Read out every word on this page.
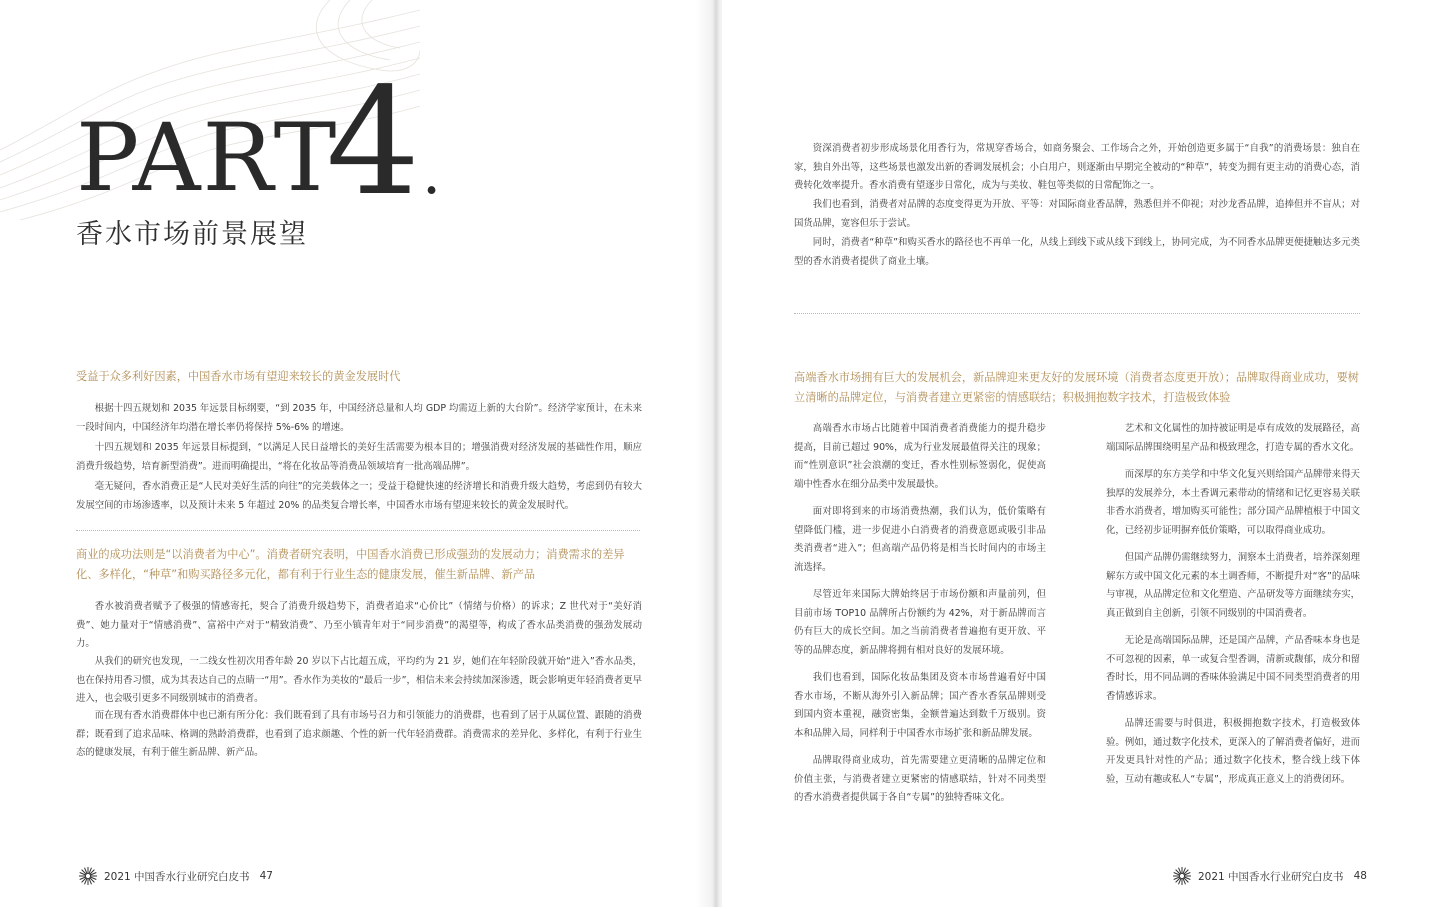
PART
4 .
香水市场前景展望
受益于众多利好因素，中国香水市场有望迎来较长的黄金发展时代

根据十四五规划和 2035 年远景目标纲要，“到 2035 年，中国经济总量和人均 GDP 均需迈上新的大台阶”。经济学家预计，在未来一段时间内，中国经济年均潜在增长率仍将保持 5%-6% 的增速。

十四五规划和 2035 年远景目标提到，“以满足人民日益增长的美好生活需要为根本目的；增强消费对经济发展的基础性作用，顺应消费升级趋势，培育新型消费”。进而明确提出，“将在化妆品等消费品领域培育一批高端品牌”。

毫无疑问，香水消费正是“人民对美好生活的向往”的完美载体之一；受益于稳健快速的经济增长和消费升级大趋势，考虑到仍有较大发展空间的市场渗透率，以及预计未来 5 年超过 20% 的品类复合增长率，中国香水市场有望迎来较长的黄金发展时代。

商业的成功法则是“以消费者为中心”。消费者研究表明，中国香水消费已形成强劲的发展动力；消费需求的差异化、多样化，“种草”和购买路径多元化，都有利于行业生态的健康发展，催生新品牌、新产品

香水被消费者赋予了极强的情感寄托，契合了消费升级趋势下，消费者追求“心价比”（情绪与价格）的诉求；Z 世代对于“美好消费”、她力量对于“情感消费”、富裕中产对于“精致消费”、乃至小镇青年对于“同步消费”的渴望等，构成了香水品类消费的强劲发展动力。

从我们的研究也发现，一二线女性初次用香年龄 20 岁以下占比超五成，平均约为 21 岁，她们在年轻阶段就开始“进入”香水品类，也在保持用香习惯，成为其表达自己的点睛一“用”。香水作为美妆的“最后一步”，相信未来会持续加深渗透，既会影响更年轻消费者更早进入，也会吸引更多不同级别城市的消费者。

而在现有香水消费群体中也已渐有所分化：我们既看到了具有市场号召力和引领能力的消费群，也看到了居于从属位置、跟随的消费群；既看到了追求品味、格调的熟龄消费群，也看到了追求颜趣、个性的新一代年轻消费群。消费需求的差异化、多样化，有利于行业生态的健康发展，有利于催生新品牌、新产品。

2021 中国香水行业研究白皮书 47

资深消费者初步形成场景化用香行为，常规穿香场合，如商务聚会、工作场合之外，开始创造更多属于“自我”的消费场景：独自在家，独自外出等，这些场景也激发出新的香调发展机会；小白用户，则逐渐由早期完全被动的“种草”，转变为拥有更主动的消费心态，消费转化效率提升。香水消费有望逐步日常化，成为与美妆、鞋包等类似的日常配饰之一。

我们也看到，消费者对品牌的态度变得更为开放、平等：对国际商业香品牌，熟悉但并不仰视；对沙龙香品牌，追捧但并不盲从；对国货品牌，宽容但乐于尝试。

同时，消费者“种草”和购买香水的路径也不再单一化，从线上到线下或从线下到线上，协同完成，为不同香水品牌更便捷触达多元类型的香水消费者提供了商业土壤。

高端香水市场拥有巨大的发展机会，新品牌迎来更友好的发展环境（消费者态度更开放）；品牌取得商业成功，要树立清晰的品牌定位，与消费者建立更紧密的情感联结；积极拥抱数字技术，打造极致体验

高端香水市场占比随着中国消费者消费能力的提升稳步提高，目前已超过 90%，成为行业发展最值得关注的现象；而“性别意识”社会浪潮的变迁，香水性别标签弱化，促使高端中性香水在细分品类中发展最快。

面对即将到来的市场消费热潮，我们认为，低价策略有望降低门槛，进一步促进小白消费者的消费意愿或吸引非品类消费者“进入”；但高端产品仍将是相当长时间内的市场主流选择。

尽管近年来国际大牌始终居于市场份额和声量前列，但目前市场 TOP10 品牌所占份额约为 42%，对于新品牌而言仍有巨大的成长空间。加之当前消费者普遍抱有更开放、平等的品牌态度，新品牌将拥有相对良好的发展环境。

我们也看到，国际化妆品集团及资本市场普遍看好中国香水市场，不断从海外引入新品牌；国产香水香氛品牌则受到国内资本重视，融资密集，金额普遍达到数千万级别。资本和品牌入局，同样利于中国香水市场扩张和新品牌发展。

品牌取得商业成功，首先需要建立更清晰的品牌定位和价值主张，与消费者建立更紧密的情感联结，针对不同类型的香水消费者提供属于各自“专属”的独特香味文化。

艺术和文化属性的加持被证明是卓有成效的发展路径，高端国际品牌围绕明星产品和极致理念，打造专属的香水文化。

而深厚的东方美学和中华文化复兴则给国产品牌带来得天独厚的发展养分，本土香调元素带动的情绪和记忆更容易关联非香水消费者，增加购买可能性；部分国产品牌植根于中国文化，已经初步证明摒弃低价策略，可以取得商业成功。

但国产品牌仍需继续努力，洞察本土消费者，培养深刻理解东方或中国文化元素的本土调香师，不断提升对“客”的品味与审视，从品牌定位和文化塑造、产品研发等方面继续夯实，真正做到自主创新，引领不同级别的中国消费者。

无论是高端国际品牌，还是国产品牌，产品香味本身也是不可忽视的因素，单一或复合型香调，清新或馥郁，成分和留香时长，用不同品调的香味体验满足中国不同类型消费者的用香情感诉求。

品牌还需要与时俱进，积极拥抱数字技术，打造极致体验。例如，通过数字化技术，更深入的了解消费者偏好，进而开发更具针对性的产品；通过数字化技术，整合线上线下体验，互动有趣或私人“专属”，形成真正意义上的消费闭环。

2021 中国香水行业研究白皮书 48
